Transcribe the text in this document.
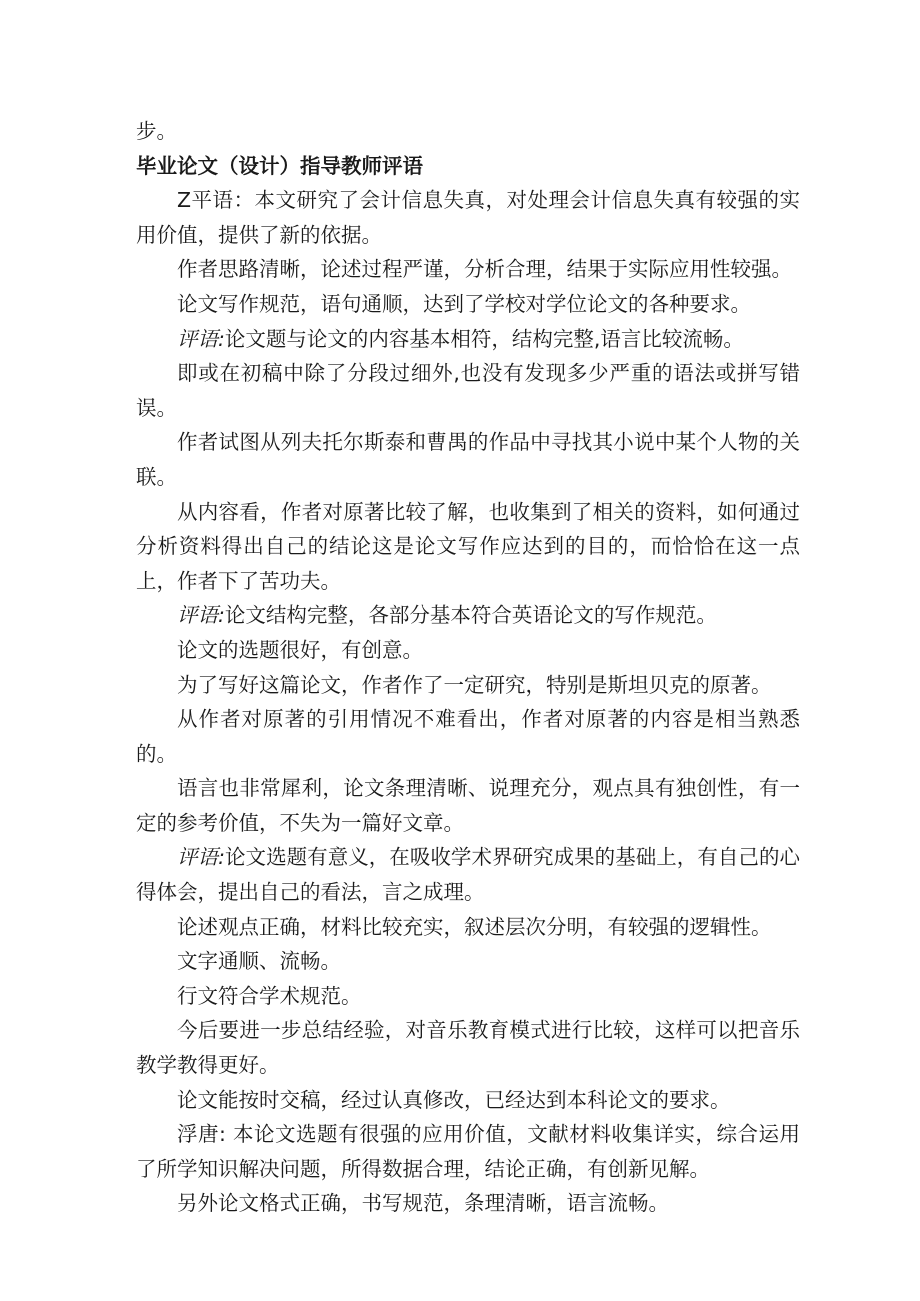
步。

毕业论文（设计）指导教师评语

Z平语：本文研究了会计信息失真，对处理会计信息失真有较强的实用价值，提供了新的依据。

作者思路清晰，论述过程严谨，分析合理，结果于实际应用性较强。

论文写作规范，语句通顺，达到了学校对学位论文的各种要求。

评语:论文题与论文的内容基本相符，结构完整,语言比较流畅。

即或在初稿中除了分段过细外,也没有发现多少严重的语法或拼写错误。

作者试图从列夫托尔斯泰和曹禺的作品中寻找其小说中某个人物的关联。

从内容看，作者对原著比较了解，也收集到了相关的资料，如何通过分析资料得出自己的结论这是论文写作应达到的目的，而恰恰在这一点上，作者下了苦功夫。

评语:论文结构完整，各部分基本符合英语论文的写作规范。

论文的选题很好，有创意。

为了写好这篇论文，作者作了一定研究，特别是斯坦贝克的原著。

从作者对原著的引用情况不难看出，作者对原著的内容是相当熟悉的。

语言也非常犀利，论文条理清晰、说理充分，观点具有独创性，有一定的参考价值，不失为一篇好文章。

评语:论文选题有意义，在吸收学术界研究成果的基础上，有自己的心得体会，提出自己的看法，言之成理。

论述观点正确，材料比较充实，叙述层次分明，有较强的逻辑性。

文字通顺、流畅。

行文符合学术规范。

今后要进一步总结经验，对音乐教育模式进行比较，这样可以把音乐教学教得更好。

论文能按时交稿，经过认真修改，已经达到本科论文的要求。

浮唐: 本论文选题有很强的应用价值，文献材料收集详实，综合运用了所学知识解决问题，所得数据合理，结论正确，有创新见解。

另外论文格式正确，书写规范，条理清晰，语言流畅。
